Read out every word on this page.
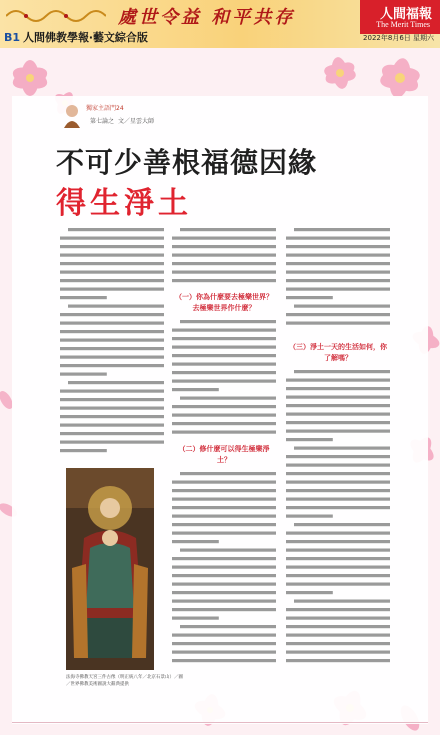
處世令益 和平共存	人間福報
The Merit Times
B1 人間佛教學報‧藝文綜合版	2022年8月6日 星期六
獨家主語門24
第七論之 文／星雲大師
不可少善根福德因緣
得生淨土
（一）你為什麼要去極樂世界？去極樂世界作什麼？
（二）修什麼可以得生極樂淨土？
（三）淨土一天的生活如何，你了解嗎？
法海寺佛教天宮三件古像（明正統八年／北京石景山）／圖／世界佛教美術圖說大辭典提供
